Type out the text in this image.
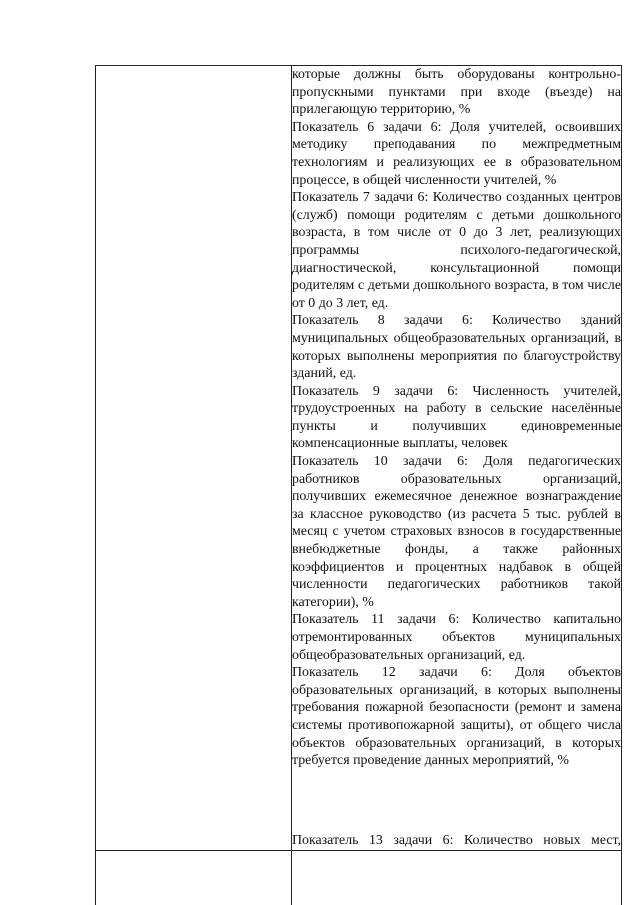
которые должны быть оборудованы контрольно-пропускными пунктами при входе (въезде) на прилегающую территорию, %

Показатель 6 задачи 6: Доля учителей, освоивших методику преподавания по межпредметным технологиям и реализующих ее в образовательном процессе, в общей численности учителей, %

Показатель 7 задачи 6: Количество созданных центров (служб) помощи родителям с детьми дошкольного возраста, в том числе от 0 до 3 лет, реализующих программы психолого-педагогической, диагностической, консультационной помощи родителям с детьми дошкольного возраста, в том числе от 0 до 3 лет, ед.

Показатель 8 задачи 6: Количество зданий муниципальных общеобразовательных организаций, в которых выполнены мероприятия по благоустройству зданий, ед.

Показатель 9 задачи 6: Численность учителей, трудоустроенных на работу в сельские населённые пункты и получивших единовременные компенсационные выплаты, человек

Показатель 10 задачи 6: Доля педагогических работников образовательных организаций, получивших ежемесячное денежное вознаграждение за классное руководство (из расчета 5 тыс. рублей в месяц с учетом страховых взносов в государственные внебюджетные фонды, а также районных коэффициентов и процентных надбавок в общей численности педагогических работников такой категории), %

Показатель 11 задачи 6: Количество капитально отремонтированных объектов муниципальных общеобразовательных организаций, ед.

Показатель 12 задачи 6: Доля объектов образовательных организаций, в которых выполнены требования пожарной безопасности (ремонт и замена системы противопожарной защиты), от общего числа объектов образовательных организаций, в которых требуется проведение данных мероприятий, %

Показатель 13 задачи 6: Количество новых мест,
